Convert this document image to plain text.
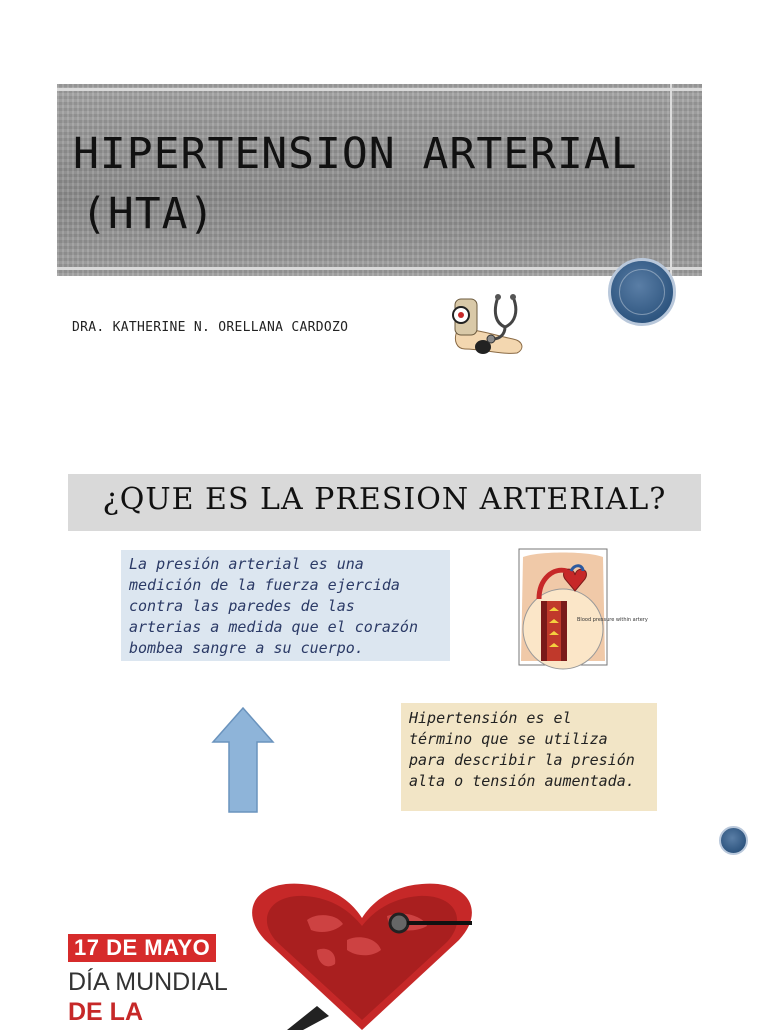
HIPERTENSION ARTERIAL

(HTA)

DRA. KATHERINE N. ORELLANA CARDOZO
¿QUE ES LA PRESION ARTERIAL?
La presión arterial es una
medición de la fuerza ejercida
contra las paredes de las
arterias a medida que el corazón
bombea sangre a su cuerpo.
Blood pressure within artery
Hipertensión es el
término que se utiliza
para describir la presión
alta o tensión aumentada.
17 DE MAYO
DÍA MUNDIAL
DE LA
